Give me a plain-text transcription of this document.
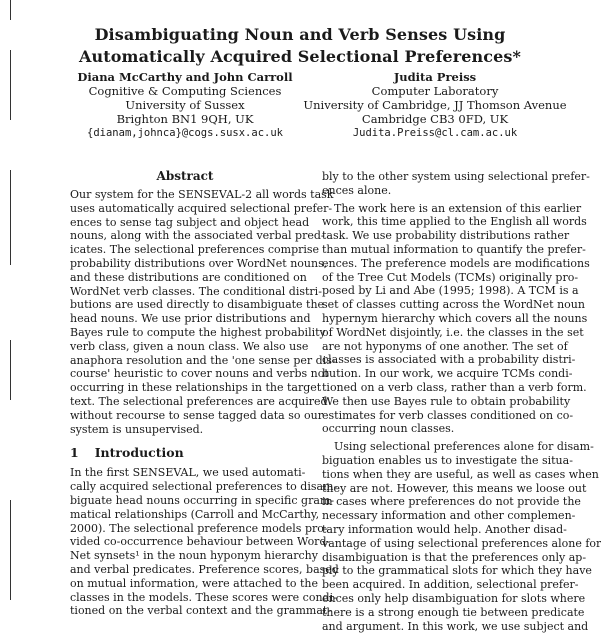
Disambiguating Noun and Verb Senses Using
Automatically Acquired Selectional Preferences*
Diana McCarthy and John Carroll
Cognitive & Computing Sciences
University of Sussex
Brighton BN1 9QH, UK
{dianam,johnca}@cogs.susx.ac.uk
Judita Preiss
Computer Laboratory
University of Cambridge, JJ Thomson Avenue
Cambridge CB3 0FD, UK
Judita.Preiss@cl.cam.ac.uk
Abstract
Our system for the SENSEVAL-2 all words task
uses automatically acquired selectional prefer-
ences to sense tag subject and object head
nouns, along with the associated verbal pred-
icates. The selectional preferences comprise
probability distributions over WordNet nouns,
and these distributions are conditioned on
WordNet verb classes. The conditional distri-
butions are used directly to disambiguate the
head nouns. We use prior distributions and
Bayes rule to compute the highest probability
verb class, given a noun class. We also use
anaphora resolution and the 'one sense per dis-
course' heuristic to cover nouns and verbs not
occurring in these relationships in the target
text. The selectional preferences are acquired
without recourse to sense tagged data so our
system is unsupervised.
1 Introduction
In the first SENSEVAL, we used automati-
cally acquired selectional preferences to disam-
biguate head nouns occurring in specific gram-
matical relationships (Carroll and McCarthy,
2000). The selectional preference models pro-
vided co-occurrence behaviour between Word-
Net synsets¹ in the noun hyponym hierarchy
and verbal predicates. Preference scores, based
on mutual information, were attached to the
classes in the models. These scores were condi-
tioned on the verbal context and the grammat-
bly to the other system using selectional prefer-
ences alone.
The work here is an extension of this earlier
work, this time applied to the English all words
task. We use probability distributions rather
than mutual information to quantify the prefer-
ences. The preference models are modifications
of the Tree Cut Models (TCMs) originally pro-
posed by Li and Abe (1995; 1998). A TCM is a
set of classes cutting across the WordNet noun
hypernym hierarchy which covers all the nouns
of WordNet disjointly, i.e. the classes in the set
are not hyponyms of one another. The set of
classes is associated with a probability distri-
bution. In our work, we acquire TCMs condi-
tioned on a verb class, rather than a verb form.
We then use Bayes rule to obtain probability
estimates for verb classes conditioned on co-
occurring noun classes.
Using selectional preferences alone for disam-
biguation enables us to investigate the situa-
tions when they are useful, as well as cases when
they are not. However, this means we loose out
in cases where preferences do not provide the
necessary information and other complemen-
tary information would help. Another disad-
vantage of using selectional preferences alone for
disambiguation is that the preferences only ap-
ply to the grammatical slots for which they have
been acquired. In addition, selectional prefer-
ences only help disambiguation for slots where
there is a strong enough tie between predicate
and argument. In this work, we use subject and
